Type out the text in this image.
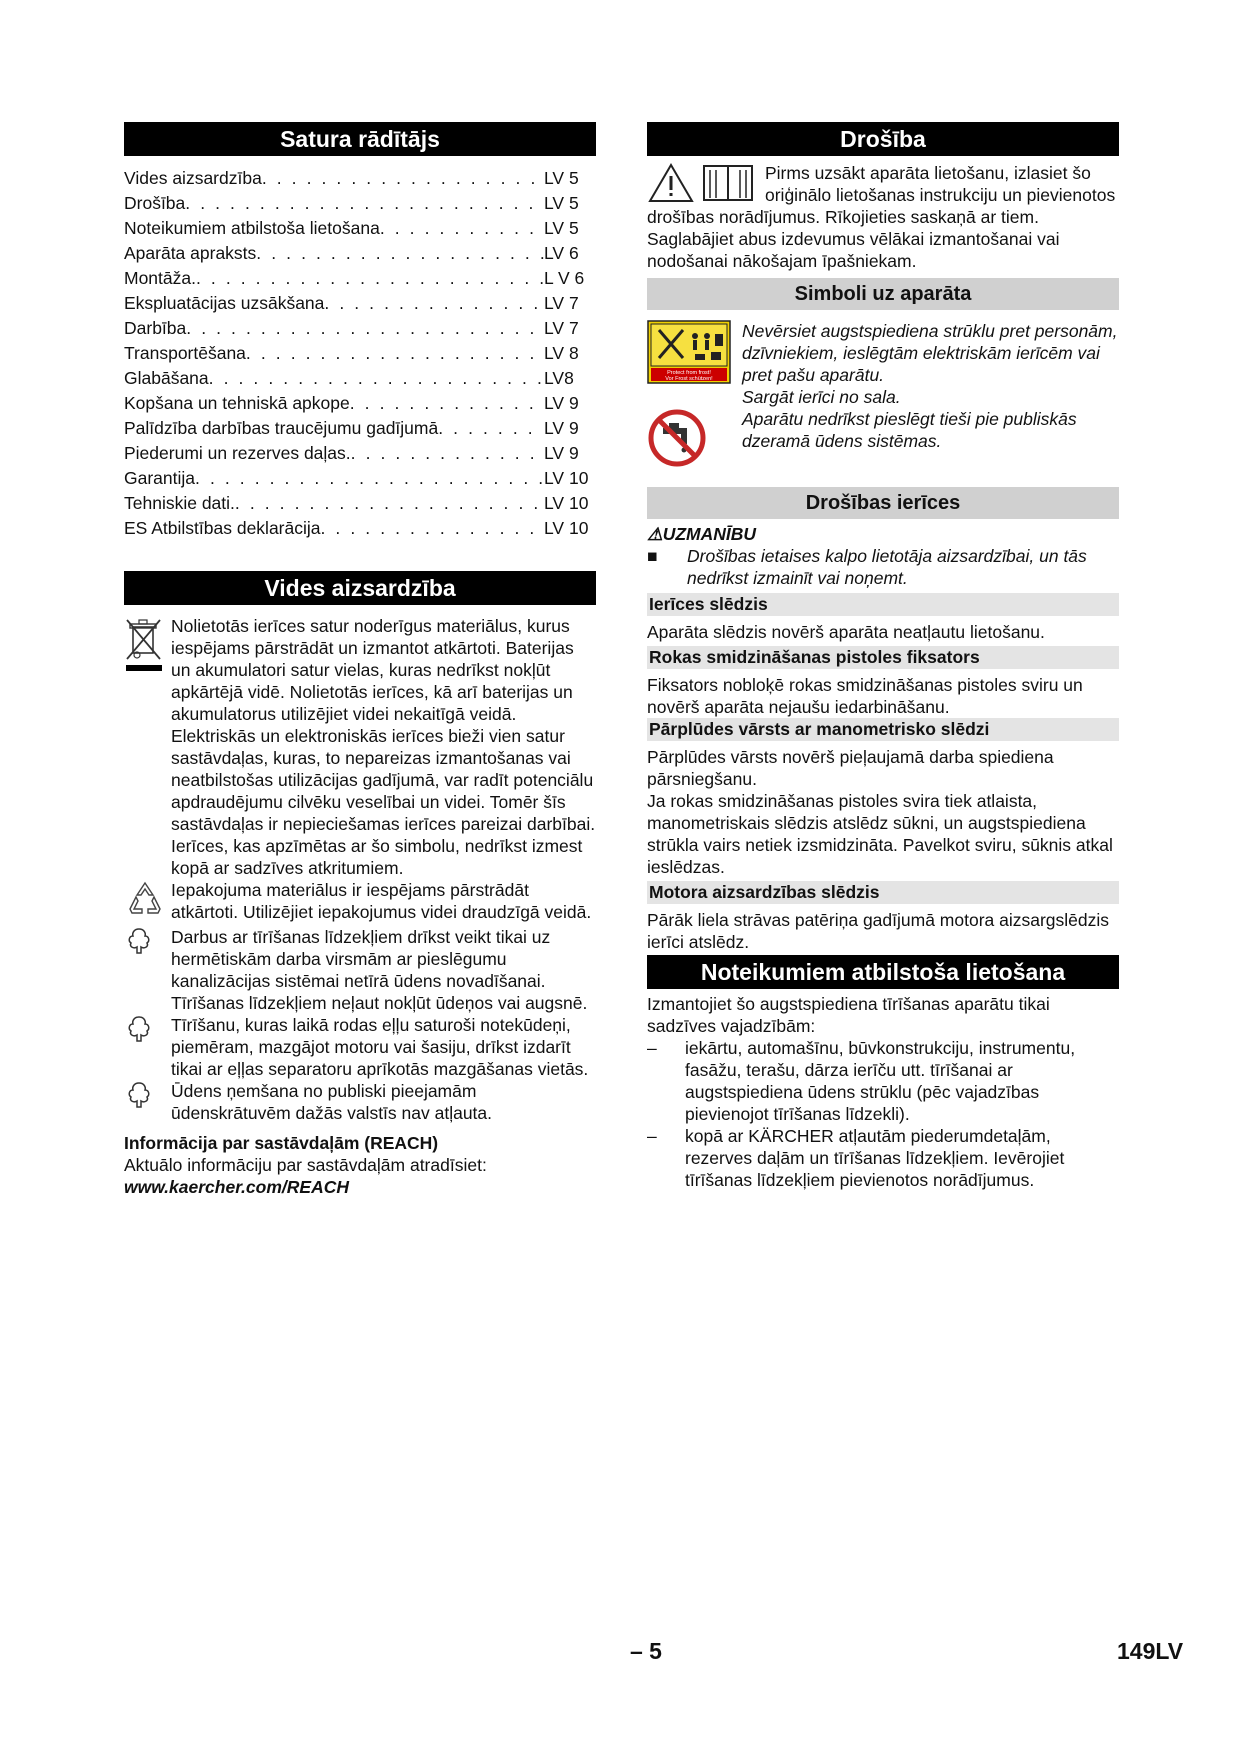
Satura rādītājs
Vides aizsardzība . . .	LV 5
Drošība . . .	LV 5
Noteikumiem atbilstoša lietošana . . .	LV 5
Aparāta apraksts . . .	LV 6
Montāža. . . .	L V 6
Ekspluatācijas uzsākšana . . .	LV 7
Darbība . . .	LV 7
Transportēšana . . .	LV 8
Glabāšana . . .	LV8
Kopšana un tehniskā apkope . . .	LV 9
Palīdzība darbības traucējumu gadījumā . . .	LV 9
Piederumi un rezerves daļas. . . .	LV 9
Garantija . . .	LV 10
Tehniskie dati. . . .	LV 10
ES Atbilstības deklarācija . . .	LV 10
Vides aizsardzība

Nolietotās ierīces satur noderīgus materiālus, kurus iespējams pārstrādāt un izmantot atkārtoti. Baterijas un akumulatori satur vielas, kuras nedrīkst nokļūt apkārtējā vidē. Nolietotās ierīces, kā arī baterijas un akumulatorus utilizējiet videi nekaitīgā veidā.

Elektriskās un elektroniskās ierīces bieži vien satur sastāvdaļas, kuras, to nepareizas izmantošanas vai neatbilstošas utilizācijas gadījumā, var radīt potenciālu apdraudējumu cilvēku veselībai un videi. Tomēr šīs sastāvdaļas ir nepieciešamas ierīces pareizai darbībai. Ierīces, kas apzīmētas ar šo simbolu, nedrīkst izmest kopā ar sadzīves atkritumiem.

Iepakojuma materiālus ir iespējams pārstrādāt atkārtoti. Utilizējiet iepakojumus videi draudzīgā veidā.

Darbus ar tīrīšanas līdzekļiem drīkst veikt tikai uz hermētiskām darba virsmām ar pieslēgumu kanalizācijas sistēmai netīrā ūdens novadīšanai. Tīrīšanas līdzekļiem neļaut nokļūt ūdeņos vai augsnē.

Tīrīšanu, kuras laikā rodas eļļu saturoši notekūdeņi, piemēram, mazgājot motoru vai šasiju, drīkst izdarīt tikai ar eļļas separatoru aprīkotās mazgāšanas vietās.

Ūdens ņemšana no publiski pieejamām ūdenskrātuvēm dažās valstīs nav atļauta.

Informācija par sastāvdaļām (REACH)

Aktuālo informāciju par sastāvdaļām atradīsiet:

www.kaercher.com/REACH

Drošība

Pirms uzsākt aparāta lietošanu, izlasiet šo oriģinālo lietošanas instrukciju un pievienotos drošības norādījumus. Rīkojieties saskaņā ar tiem. Saglabājiet abus izdevumus vēlākai izmantošanai vai nodošanai nākošajam īpašniekam.

Simboli uz aparāta
Protect from frost!
Vor Frost schützen!

Nevērsiet augstspiediena strūklu pret personām, dzīvniekiem, ieslēgtām elektriskām ierīcēm vai pret pašu aparātu.

Sargāt ierīci no sala.

Aparātu nedrīkst pieslēgt tieši pie publiskās dzeramā ūdens sistēmas.

Drošības ierīces

⚠UZMANĪBU

■	Drošības ietaises kalpo lietotāja aizsardzībai, un tās nedrīkst izmainīt vai noņemt.
Ierīces slēdzis

Aparāta slēdzis novērš aparāta neatļautu lietošanu.

Rokas smidzināšanas pistoles fiksators

Fiksators nobloķē rokas smidzināšanas pistoles sviru un novērš aparāta nejaušu iedarbināšanu.

Pārplūdes vārsts ar manometrisko slēdzi

Pārplūdes vārsts novērš pieļaujamā darba spiediena pārsniegšanu.

Ja rokas smidzināšanas pistoles svira tiek atlaista, manometriskais slēdzis atslēdz sūkni, un augstspiediena strūkla vairs netiek izsmidzināta. Pavelkot sviru, sūknis atkal ieslēdzas.

Motora aizsardzības slēdzis

Pārāk liela strāvas patēriņa gadījumā motora aizsargslēdzis ierīci atslēdz.

Noteikumiem atbilstoša lietošana

Izmantojiet šo augstspiediena tīrīšanas aparātu tikai sadzīves vajadzībām:

–	iekārtu, automašīnu, būvkonstrukciju, instrumentu, fasāžu, terašu, dārza ierīču utt. tīrīšanai ar augstspiediena ūdens strūklu (pēc vajadzības pievienojot tīrīšanas līdzekli).
–	kopā ar KÄRCHER atļautām piederumdetaļām, rezerves daļām un tīrīšanas līdzekļiem. Ievērojiet tīrīšanas līdzekļiem pievienotos norādījumus.
– 5	149LV
